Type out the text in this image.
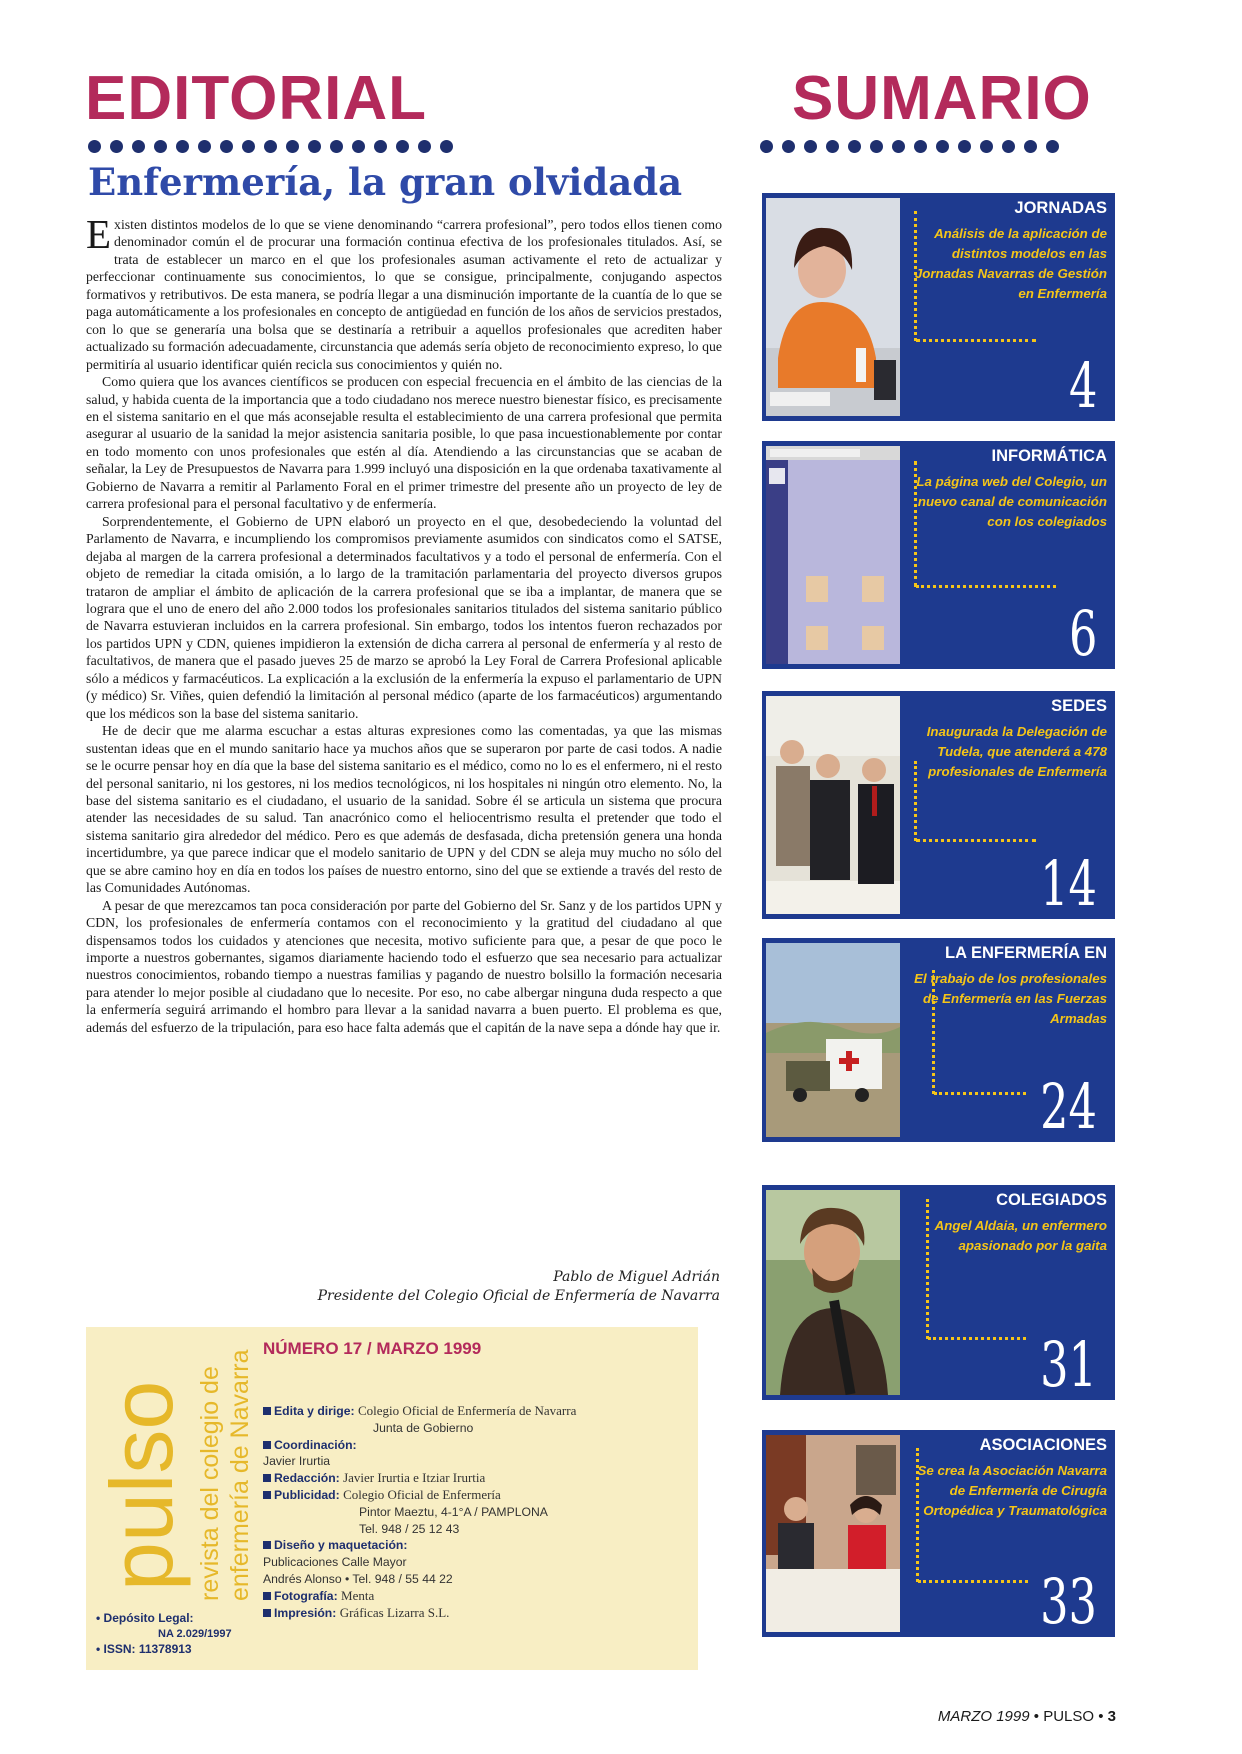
EDITORIAL
Enfermería, la gran olvidada
SUMARIO

Existen distintos modelos de lo que se viene denominando “carrera profesional”, pero todos ellos tienen como denominador común el de procurar una formación continua efectiva de los profesionales titulados. Así, se trata de establecer un marco en el que los profesionales asuman activamente el reto de actualizar y perfeccionar continuamente sus conocimientos, lo que se consigue, principalmente, conjugando aspectos formativos y retributivos. De esta manera, se podría llegar a una disminución importante de la cuantía de lo que se paga automáticamente a los profesionales en concepto de antigüedad en función de los años de servicios prestados, con lo que se generaría una bolsa que se destinaría a retribuir a aquellos profesionales que acrediten haber actualizado su formación adecuadamente, circunstancia que además sería objeto de reconocimiento expreso, lo que permitiría al usuario identificar quién recicla sus conocimientos y quién no.

Como quiera que los avances científicos se producen con especial frecuencia en el ámbito de las ciencias de la salud, y habida cuenta de la importancia que a todo ciudadano nos merece nuestro bienestar físico, es precisamente en el sistema sanitario en el que más aconsejable resulta el establecimiento de una carrera profesional que permita asegurar al usuario de la sanidad la mejor asistencia sanitaria posible, lo que pasa incuestionablemente por contar en todo momento con unos profesionales que estén al día. Atendiendo a las circunstancias que se acaban de señalar, la Ley de Presupuestos de Navarra para 1.999 incluyó una disposición en la que ordenaba taxativamente al Gobierno de Navarra a remitir al Parlamento Foral en el primer trimestre del presente año un proyecto de ley de carrera profesional para el personal facultativo y de enfermería.

Sorprendentemente, el Gobierno de UPN elaboró un proyecto en el que, desobedeciendo la voluntad del Parlamento de Navarra, e incumpliendo los compromisos previamente asumidos con sindicatos como el SATSE, dejaba al margen de la carrera profesional a determinados facultativos y a todo el personal de enfermería. Con el objeto de remediar la citada omisión, a lo largo de la tramitación parlamentaria del proyecto diversos grupos trataron de ampliar el ámbito de aplicación de la carrera profesional que se iba a implantar, de manera que se lograra que el uno de enero del año 2.000 todos los profesionales sanitarios titulados del sistema sanitario público de Navarra estuvieran incluidos en la carrera profesional. Sin embargo, todos los intentos fueron rechazados por los partidos UPN y CDN, quienes impidieron la extensión de dicha carrera al personal de enfermería y al resto de facultativos, de manera que el pasado jueves 25 de marzo se aprobó la Ley Foral de Carrera Profesional aplicable sólo a médicos y farmacéuticos. La explicación a la exclusión de la enfermería la expuso el parlamentario de UPN (y médico) Sr. Viñes, quien defendió la limitación al personal médico (aparte de los farmacéuticos) argumentando que los médicos son la base del sistema sanitario.

He de decir que me alarma escuchar a estas alturas expresiones como las comentadas, ya que las mismas sustentan ideas que en el mundo sanitario hace ya muchos años que se superaron por parte de casi todos. A nadie se le ocurre pensar hoy en día que la base del sistema sanitario es el médico, como no lo es el enfermero, ni el resto del personal sanitario, ni los gestores, ni los medios tecnológicos, ni los hospitales ni ningún otro elemento. No, la base del sistema sanitario es el ciudadano, el usuario de la sanidad. Sobre él se articula un sistema que procura atender las necesidades de su salud. Tan anacrónico como el heliocentrismo resulta el pretender que todo el sistema sanitario gira alrededor del médico. Pero es que además de desfasada, dicha pretensión genera una honda incertidumbre, ya que parece indicar que el modelo sanitario de UPN y del CDN se aleja muy mucho no sólo del que se abre camino hoy en día en todos los países de nuestro entorno, sino del que se extiende a través del resto de las Comunidades Autónomas.

A pesar de que merezcamos tan poca consideración por parte del Gobierno del Sr. Sanz y de los partidos UPN y CDN, los profesionales de enfermería contamos con el reconocimiento y la gratitud del ciudadano al que dispensamos todos los cuidados y atenciones que necesita, motivo suficiente para que, a pesar de que poco le importe a nuestros gobernantes, sigamos diariamente haciendo todo el esfuerzo que sea necesario para actualizar nuestros conocimientos, robando tiempo a nuestras familias y pagando de nuestro bolsillo la formación necesaria para atender lo mejor posible al ciudadano que lo necesite. Por eso, no cabe albergar ninguna duda respecto a que la enfermería seguirá arrimando el hombro para llevar a la sanidad navarra a buen puerto. El problema es que, además del esfuerzo de la tripulación, para eso hace falta además que el capitán de la nave sepa a dónde hay que ir.

Pablo de Miguel Adrián
Presidente del Colegio Oficial de Enfermería de Navarra
pulso revista del colegio de enfermería de Navarra
NÚMERO 17 / MARZO 1999
Edita y dirige: Colegio Oficial de Enfermería de Navarra
Junta de Gobierno
Coordinación:
Javier Irurtia
Redacción: Javier Irurtia e Itziar Irurtia
Publicidad: Colegio Oficial de Enfermería
Pintor Maeztu, 4-1°A / PAMPLONA
Tel. 948 / 25 12 43
Diseño y maquetación:
Publicaciones Calle Mayor
Andrés Alonso • Tel. 948 / 55 44 22
Fotografía: Menta
Impresión: Gráficas Lizarra S.L.
• Depósito Legal:
NA 2.029/1997
• ISSN: 11378913
JORNADAS
Análisis de la aplicación de distintos modelos en las Jornadas Navarras de Gestión en Enfermería
4
INFORMÁTICA
La página web del Colegio, un nuevo canal de comunicación con los colegiados
6
SEDES
Inaugurada la Delegación de Tudela, que atenderá a 478 profesionales de Enfermería
14
LA ENFERMERÍA EN
El trabajo de los profesionales de Enfermería en las Fuerzas Armadas
24
COLEGIADOS
Angel Aldaia, un enfermero apasionado por la gaita
31
ASOCIACIONES
Se crea la Asociación Navarra de Enfermería de Cirugía Ortopédica y Traumatológica
33
MARZO 1999 • PULSO • 3
